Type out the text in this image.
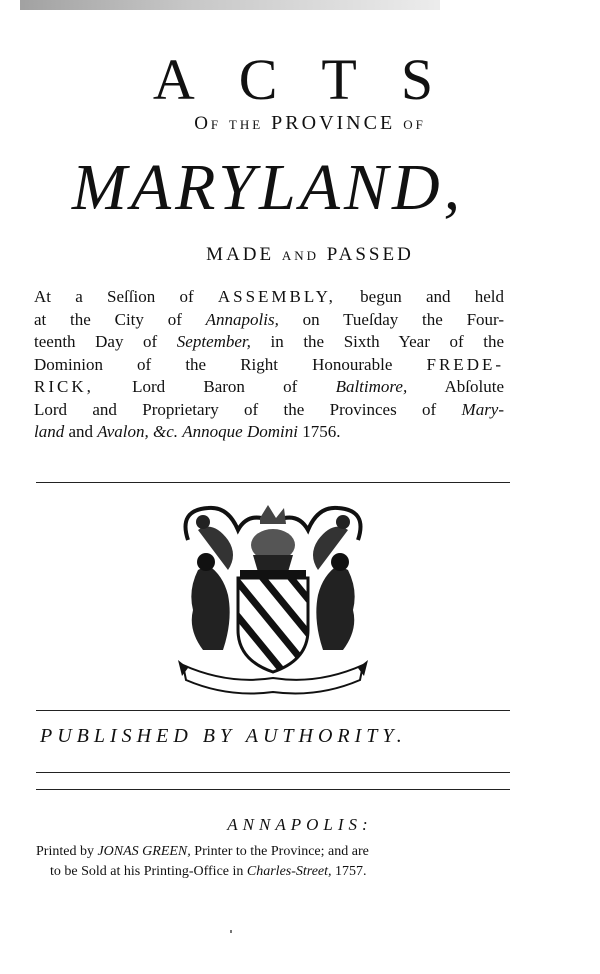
ACTS
Of the PROVINCE of
MARYLAND,
MADE and PASSED
At a Seſſion of ASSEMBLY, begun and held
at the City of Annapolis, on Tueſday the Four-
teenth Day of September, in the Sixth Year of the
Dominion of the Right Honourable FREDE-
RICK, Lord Baron of Baltimore, Abſolute
Lord and Proprietary of the Provinces of Mary-
land and Avalon, &c. Annoque Domini 1756.
PUBLISHED BY AUTHORITY.
ANNAPOLIS:
Printed by JONAS GREEN, Printer to the Province; and are
to be Sold at his Printing-Office in Charles-Street, 1757.
